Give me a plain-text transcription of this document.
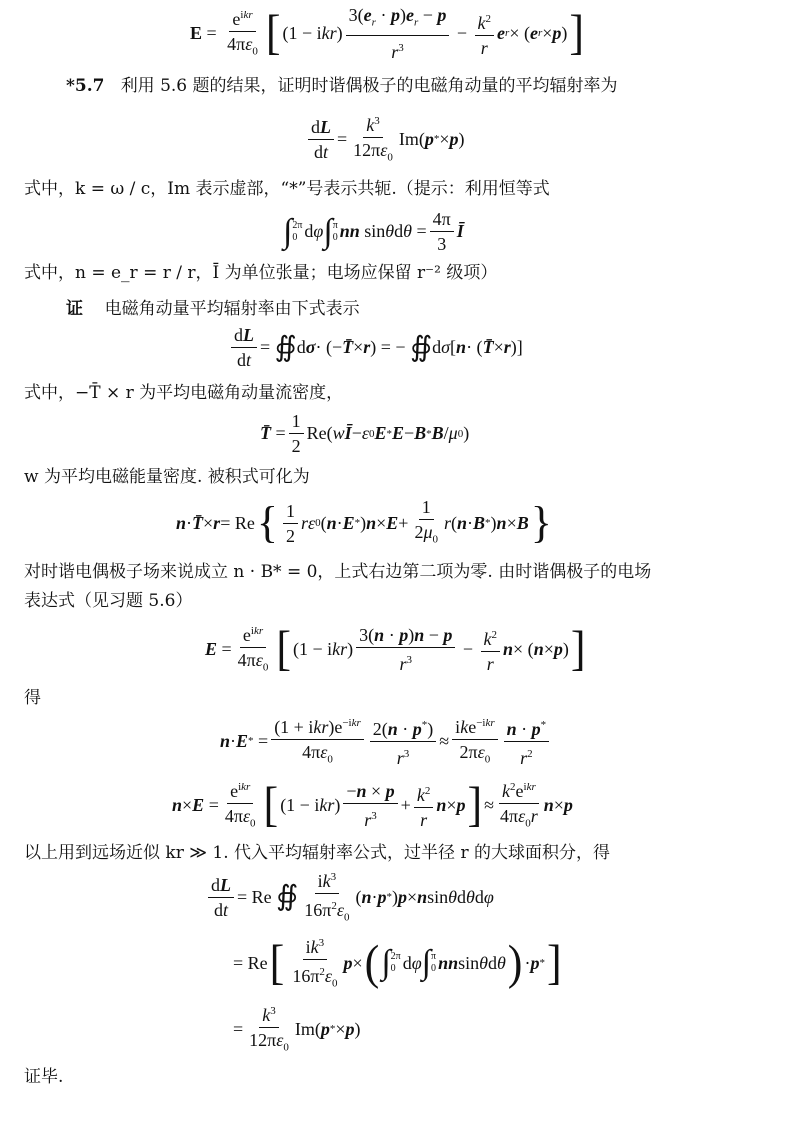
$E = \frac{e^{ikr}}{4\pi\varepsilon_0}$ [ (1 − i kr ) $\frac{3(e_r \cdot p)e_r - p}{r^3} - \frac{k^2}{r}$ e r × ( e r × p ) ]
*5.7 利用 5.6 题的结果，证明时谐偶极子的电磁角动量的平均辐射率为
$\frac{dL}{dt} = \frac{k^3}{12\pi\varepsilon_0} Im$( p * × p )
式中，k = ω / c，Im 表示虚部，“*”号表示共轭.（提示：利用恒等式
∫ 2π
0 d φ ∫ π
0 nn sin θ d $\theta = \frac{4\pi}{3}$ Ī
式中，n = e_r = r / r，Ī 为单位张量；电场应保留 r⁻² 级项）
证 电磁角动量平均辐射率由下式表示
$\frac{dL}{dt}$ = ∯ d σ · (− T̄ × r ) = − ∯ d σ [ n · ( T̄ × r )]
式中，−T̄ × r 为平均电磁角动量流密度，
T̄ = $\frac{1}{2} Re$( w Ī − ε 0 E * E − B * B / μ 0 )
w 为平均电磁能量密度. 被积式可化为
n · T̄ × r = Re { $\frac{1}{2}$ r ε 0 ( n · E * ) $n \times E + \frac{1}{2\mu_0}$ r ( n · B * ) n × B }
对时谐电偶极子场来说成立 n · B* = 0，上式右边第二项为零. 由时谐偶极子的电场
表达式（见习题 5.6）
$E = \frac{e^{ikr}}{4\pi\varepsilon_0}$ [ (1 − i kr ) $\frac{3(n \cdot p)n - p}{r^3} - \frac{k^2}{r}$ n × ( n × p ) ]
得
n · E * = $\frac{(1 + ikr)e^{-ikr}}{4\pi\varepsilon_0} \frac{2(n \cdot p^*)}{r^3} \approx \frac{ike^{-ikr}}{2\pi\varepsilon_0} \frac{n \cdot p^*}{r^2}$
$n \times E = \frac{e^{ikr}}{4\pi\varepsilon_0}$ [ (1 − i kr ) $\frac{-n \times p}{r^3} + \frac{k^2}{r}$ n × p ] ≈ $\frac{k^2e^{ikr}}{4\pi\varepsilon_0r}$ n × p
以上用到远场近似 kr ≫ 1. 代入平均辐射率公式，过半径 r 的大球面积分，得
$\frac{dL}{dt} = Re$ ∯ $\frac{ik^3}{16\pi^2\varepsilon_0}$ ( n · p * ) p × n sin θ d θ d φ
= Re [ $\frac{ik^3}{16\pi^2\varepsilon_0}$ p × ( ∫ 2π
0 d φ ∫ π
0 nn sin θ d θ ) · p * ]
= $\frac{k^3}{12\pi\varepsilon_0} Im$( p * × p )
证毕.
